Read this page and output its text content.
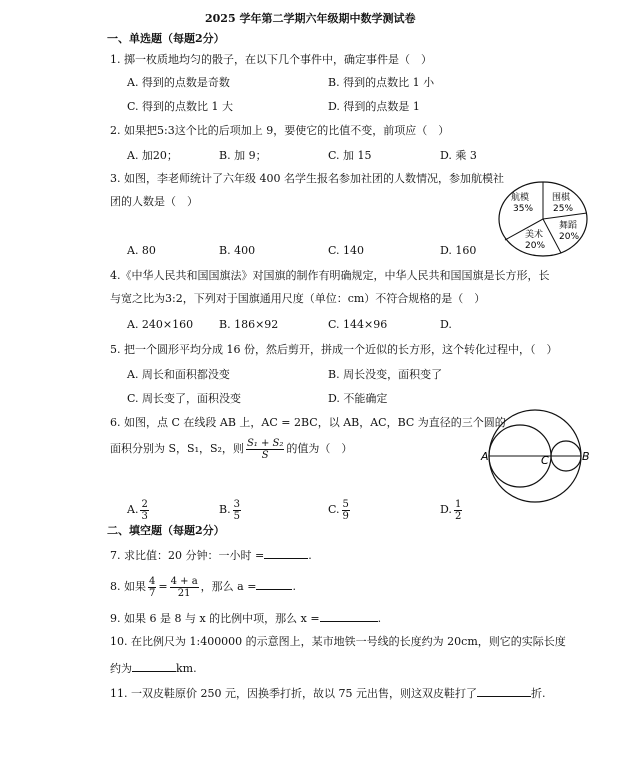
2025 学年第二学期六年级期中数学测试卷
一、单选题（每题2分）
1. 掷一枚质地均匀的骰子，在以下几个事件中，确定事件是（　）
A. 得到的点数是奇数	B. 得到的点数比 1 小
C. 得到的点数比 1 大	D. 得到的点数是 1
2. 如果把5:3这个比的后项加上 9，要使它的比值不变，前项应（　）
A. 加20；	B. 加 9；	C. 加 15	D. 乘 3
3. 如图，李老师统计了六年级 400 名学生报名参加社团的人数情况，参加航模社
团的人数是（　）
A. 80	B. 400	C. 140	D. 160
航模
35%
围棋
25%
舞蹈
20%
美术
20%
4.《中华人民共和国国旗法》对国旗的制作有明确规定，中华人民共和国国旗是长方形，长
与宽之比为3:2，下列对于国旗通用尺度（单位：cm）不符合规格的是（　）
A. 240×160 B. 186×92	C. 144×96	D.
5. 把一个圆形平均分成 16 份，然后剪开，拼成一个近似的长方形，这个转化过程中，（　）
A. 周长和面积都没变	B. 周长没变，面积变了
C. 周长变了，面积没变	D. 不能确定
6. 如图，点 C 在线段 AB 上，AC = 2BC，以 AB，AC，BC 为直径的三个圆的
面积分别为 S，S₁，S₂，则 $\frac{\text{S₁ + S₂}}{S}$ 的值为（　）
A. $\frac{2}{3}$	B. $\frac{3}{5}$	C. $\frac{5}{9}$	D. $\frac{1}{2}$
A	C	B
二、填空题（每题2分）
7. 求比值：20 分钟：一小时 =	.
8. 如果 $\frac{4}{7} = \frac{4 + a}{21}$ ，那么 a =	.
9. 如果 6 是 8 与 x 的比例中项，那么 x =	.
10. 在比例尺为 1:400000 的示意图上，某市地铁一号线的长度约为 20cm，则它的实际长度
约为	km.
11. 一双皮鞋原价 250 元，因换季打折，故以 75 元出售，则这双皮鞋打了	折.
